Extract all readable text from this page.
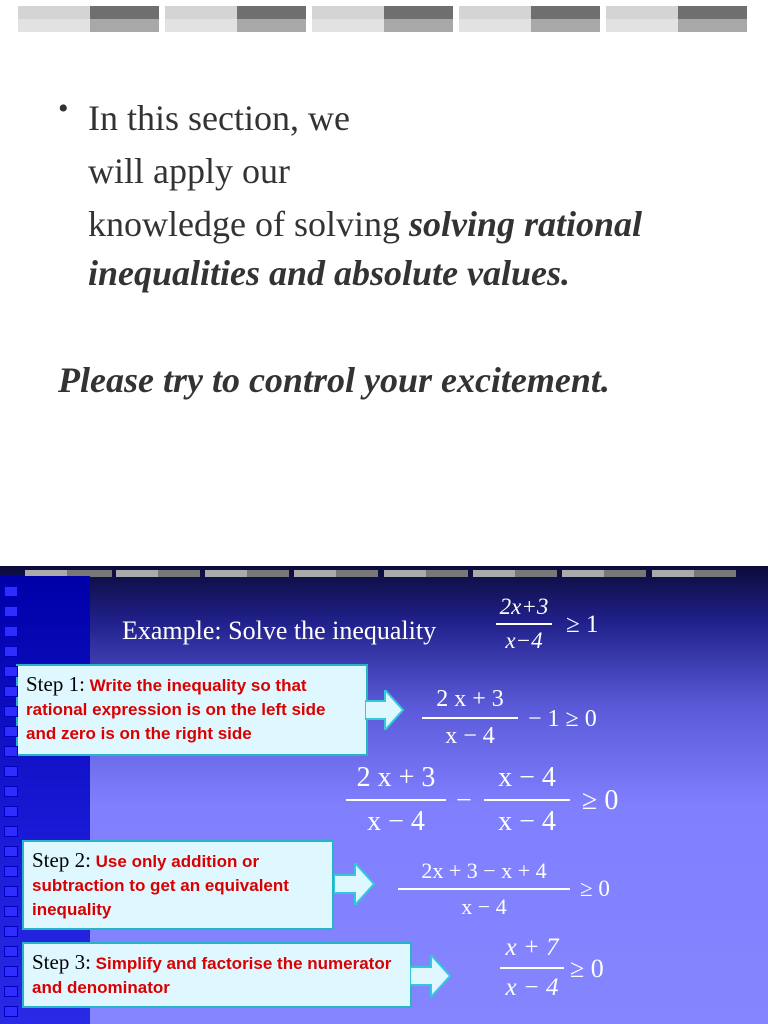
• In this section, we
will apply our
knowledge of solving solving rational
inequalities and absolute values.
Please try to control your excitement.
Example: Solve the inequality
2x+3
x−4
≥ 1
Step 1: Write the inequality so that rational expression is on the left side and zero is on the right side
2 x + 3
x − 4
− 1 ≥ 0
2 x + 3
x − 4
−
x − 4
x − 4
≥ 0
Step 2: Use only addition or subtraction to get an equivalent inequality
2x + 3 − x + 4
x − 4
≥ 0
Step 3: Simplify and factorise the numerator and denominator
x + 7
x − 4
≥ 0
